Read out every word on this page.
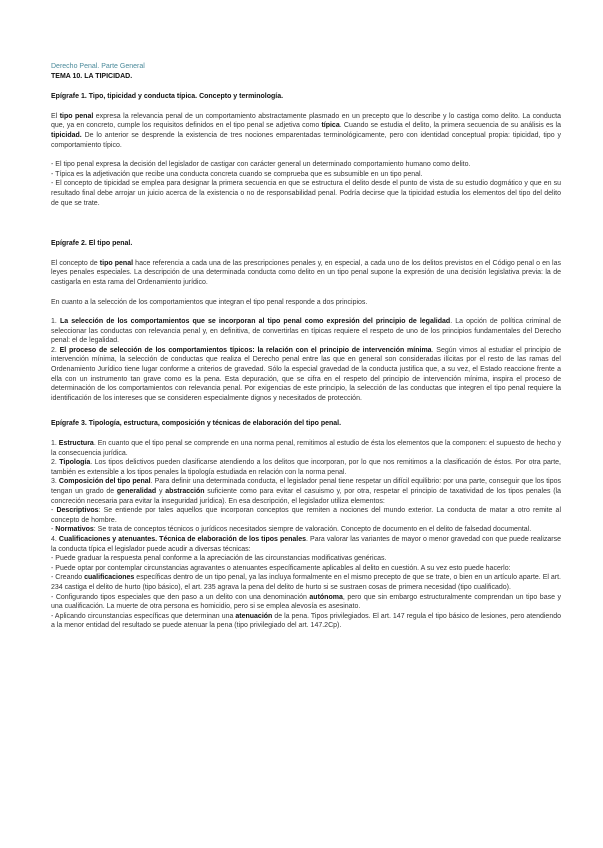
Derecho Penal. Parte General

TEMA 10. LA TIPICIDAD.

Epígrafe 1. Tipo, tipicidad y conducta típica. Concepto y terminología.

El tipo penal expresa la relevancia penal de un comportamiento abstractamente plasmado en un precepto que lo describe y lo castiga como delito. La conducta que, ya en concreto, cumple los requisitos definidos en el tipo penal se adjetiva como típica. Cuando se estudia el delito, la primera secuencia de su análisis es la tipicidad. De lo anterior se desprende la existencia de tres nociones emparentadas terminológicamente, pero con identidad conceptual propia: tipicidad, tipo y comportamiento típico.

- El tipo penal expresa la decisión del legislador de castigar con carácter general un determinado comportamiento humano como delito.

- Típica es la adjetivación que recibe una conducta concreta cuando se comprueba que es subsumible en un tipo penal.

- El concepto de tipicidad se emplea para designar la primera secuencia en que se estructura el delito desde el punto de vista de su estudio dogmático y que en su resultado final debe arrojar un juicio acerca de la existencia o no de responsabilidad penal. Podría decirse que la tipicidad estudia los elementos del tipo del delito de que se trate.

Epígrafe 2. El tipo penal.

El concepto de tipo penal hace referencia a cada una de las prescripciones penales y, en especial, a cada uno de los delitos previstos en el Código penal o en las leyes penales especiales. La descripción de una determinada conducta como delito en un tipo penal supone la expresión de una decisión legislativa previa: la de castigarla en esta rama del Ordenamiento jurídico.

En cuanto a la selección de los comportamientos que integran el tipo penal responde a dos principios.

1. La selección de los comportamientos que se incorporan al tipo penal como expresión del principio de legalidad. La opción de política criminal de seleccionar las conductas con relevancia penal y, en definitiva, de convertirlas en típicas requiere el respeto de uno de los principios fundamentales del Derecho penal: el de legalidad.

2. El proceso de selección de los comportamientos típicos: la relación con el principio de intervención mínima. Según vimos al estudiar el principio de intervención mínima, la selección de conductas que realiza el Derecho penal entre las que en general son consideradas ilícitas por el resto de las ramas del Ordenamiento Jurídico tiene lugar conforme a criterios de gravedad. Sólo la especial gravedad de la conducta justifica que, a su vez, el Estado reaccione frente a ella con un instrumento tan grave como es la pena. Esta depuración, que se cifra en el respeto del principio de intervención mínima, inspira el proceso de determinación de los comportamientos con relevancia penal. Por exigencias de este principio, la selección de las conductas que integren el tipo penal requiere la identificación de los intereses que se consideren especialmente dignos y necesitados de protección.

Epígrafe 3. Tipología, estructura, composición y técnicas de elaboración del tipo penal.

1. Estructura. En cuanto que el tipo penal se comprende en una norma penal, remitimos al estudio de ésta los elementos que la componen: el supuesto de hecho y la consecuencia jurídica.

2. Tipología. Los tipos delictivos pueden clasificarse atendiendo a los delitos que incorporan, por lo que nos remitimos a la clasificación de éstos. Por otra parte, también es extensible a los tipos penales la tipología estudiada en relación con la norma penal.

3. Composición del tipo penal. Para definir una determinada conducta, el legislador penal tiene respetar un difícil equilibrio: por una parte, conseguir que los tipos tengan un grado de generalidad y abstracción suficiente como para evitar el casuismo y, por otra, respetar el principio de taxatividad de los tipos penales (la concreción necesaria para evitar la inseguridad jurídica). En esa descripción, el legislador utiliza elementos:

- Descriptivos: Se entiende por tales aquellos que incorporan conceptos que remiten a nociones del mundo exterior. La conducta de matar a otro remite al concepto de hombre.

- Normativos: Se trata de conceptos técnicos o jurídicos necesitados siempre de valoración. Concepto de documento en el delito de falsedad documental.

4. Cualificaciones y atenuantes. Técnica de elaboración de los tipos penales. Para valorar las variantes de mayor o menor gravedad con que puede realizarse la conducta típica el legislador puede acudir a diversas técnicas:

- Puede graduar la respuesta penal conforme a la apreciación de las circunstancias modificativas genéricas.

- Puede optar por contemplar circunstancias agravantes o atenuantes específicamente aplicables al delito en cuestión. A su vez esto puede hacerlo:

- Creando cualificaciones específicas dentro de un tipo penal, ya las incluya formalmente en el mismo precepto de que se trate, o bien en un artículo aparte. El art. 234 castiga el delito de hurto (tipo básico), el art. 235 agrava la pena del delito de hurto si se sustraen cosas de primera necesidad (tipo cualificado).

- Configurando tipos especiales que den paso a un delito con una denominación autónoma, pero que sin embargo estructuralmente comprendan un tipo base y una cualificación. La muerte de otra persona es homicidio, pero si se emplea alevosía es asesinato.

- Aplicando circunstancias específicas que determinan una atenuación de la pena. Tipos privilegiados. El art. 147 regula el tipo básico de lesiones, pero atendiendo a la menor entidad del resultado se puede atenuar la pena (tipo privilegiado del art. 147.2Cp).
